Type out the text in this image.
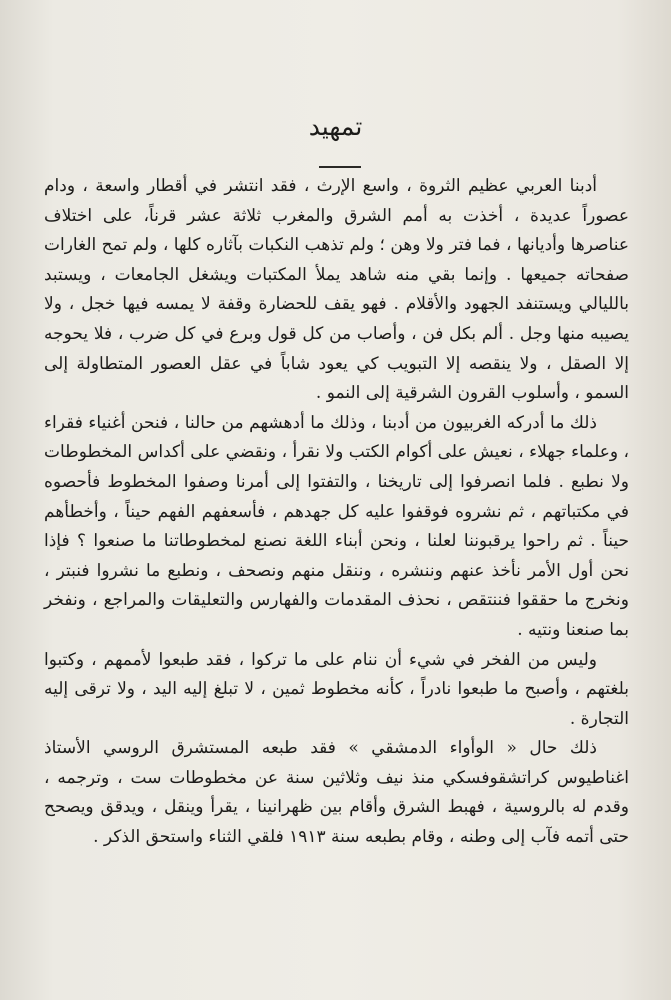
تمهيد

أدبنا العربي عظيم الثروة ، واسع الإرث ، فقد انتشر في أقطار واسعة ، ودام عصوراً عديدة ، أخذت به أمم الشرق والمغرب ثلاثة عشر قرناً، على اختلاف عناصرها وأديانها ، فما فتر ولا وهن ؛ ولم تذهب النكبات بآثاره كلها ، ولم تمح الغارات صفحاته جميعها . وإنما بقي منه شاهد يملأ المكتبات ويشغل الجامعات ، ويستبد بالليالي ويستنفد الجهود والأقلام . فهو يقف للحضارة وقفة لا يمسه فيها خجل ، ولا يصيبه منها وجل . ألم بكل فن ، وأصاب من كل قول وبرع في كل ضرب ، فلا يحوجه إلا الصقل ، ولا ينقصه إلا التبويب كي يعود شاباً في عقل العصور المتطاولة إلى السمو ، وأسلوب القرون الشرقية إلى النمو .

ذلك ما أدركه الغربيون من أدبنا ، وذلك ما أدهشهم من حالنا ، فنحن أغنياء فقراء ، وعلماء جهلاء ، نعيش على أكوام الكتب ولا نقرأ ، ونقضي على أكداس المخطوطات ولا نطبع . فلما انصرفوا إلى تاريخنا ، والتفتوا إلى أمرنا وصفوا المخطوط فأحصوه في مكتباتهم ، ثم نشروه فوقفوا عليه كل جهدهم ، فأسعفهم الفهم حيناً ، وأخطأهم حيناً . ثم راحوا يرقبوننا لعلنا ، ونحن أبناء اللغة نصنع لمخطوطاتنا ما صنعوا ؟ فإذا نحن أول الأمر نأخذ عنهم وننشره ، وننقل منهم ونصحف ، ونطبع ما نشروا فنبتر ، ونخرج ما حققوا فننتقص ، نحذف المقدمات والفهارس والتعليقات والمراجع ، ونفخر بما صنعنا ونتيه .

وليس من الفخر في شيء أن ننام على ما تركوا ، فقد طبعوا لأممهم ، وكتبوا بلغتهم ، وأصبح ما طبعوا نادراً ، كأنه مخطوط ثمين ، لا تبلغ إليه اليد ، ولا ترقى إليه التجارة .

ذلك حال « الوأواء الدمشقي » فقد طبعه المستشرق الروسي الأستاذ اغناطيوس كراتشقوفسكي منذ نيف وثلاثين سنة عن مخطوطات ست ، وترجمه ، وقدم له بالروسية ، فهبط الشرق وأقام بين ظهرانينا ، يقرأ وينقل ، ويدقق ويصحح حتى أتمه فآب إلى وطنه ، وقام بطبعه سنة ١٩١٣ فلقي الثناء واستحق الذكر .
